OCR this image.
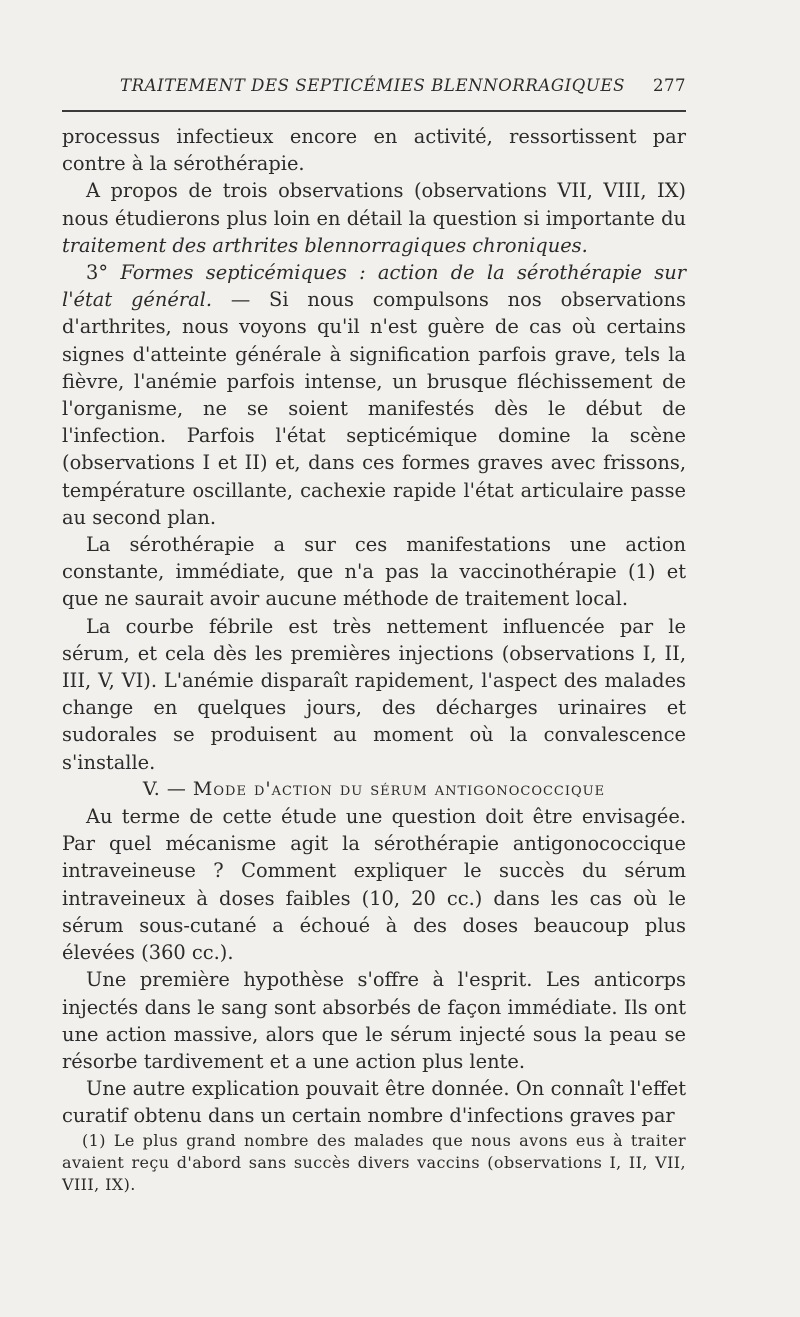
TRAITEMENT DES SEPTICÉMIES BLENNORRAGIQUES 277

processus infectieux encore en activité, ressortissent par contre à la sérothérapie.

A propos de trois observations (observations VII, VIII, IX) nous étudierons plus loin en détail la question si importante du traitement des arthrites blennorragiques chroniques.

3° Formes septicémiques : action de la sérothérapie sur l'état général. — Si nous compulsons nos observations d'arthrites, nous voyons qu'il n'est guère de cas où certains signes d'atteinte générale à signification parfois grave, tels la fièvre, l'anémie parfois intense, un brusque fléchissement de l'organisme, ne se soient manifestés dès le début de l'infection. Parfois l'état septicémique domine la scène (observations I et II) et, dans ces formes graves avec frissons, température oscillante, cachexie rapide l'état articulaire passe au second plan.

La sérothérapie a sur ces manifestations une action constante, immédiate, que n'a pas la vaccinothérapie (1) et que ne saurait avoir aucune méthode de traitement local.

La courbe fébrile est très nettement influencée par le sérum, et cela dès les premières injections (observations I, II, III, V, VI). L'anémie disparaît rapidement, l'aspect des malades change en quelques jours, des décharges urinaires et sudorales se produisent au moment où la convalescence s'installe.

V. — Mode d'action du sérum antigonococcique

Au terme de cette étude une question doit être envisagée. Par quel mécanisme agit la sérothérapie antigonococcique intraveineuse ? Comment expliquer le succès du sérum intraveineux à doses faibles (10, 20 cc.) dans les cas où le sérum sous-cutané a échoué à des doses beaucoup plus élevées (360 cc.).

Une première hypothèse s'offre à l'esprit. Les anticorps injectés dans le sang sont absorbés de façon immédiate. Ils ont une action massive, alors que le sérum injecté sous la peau se résorbe tardivement et a une action plus lente.

Une autre explication pouvait être donnée. On connaît l'effet curatif obtenu dans un certain nombre d'infections graves par

(1) Le plus grand nombre des malades que nous avons eus à traiter avaient reçu d'abord sans succès divers vaccins (observations I, II, VII, VIII, IX).
